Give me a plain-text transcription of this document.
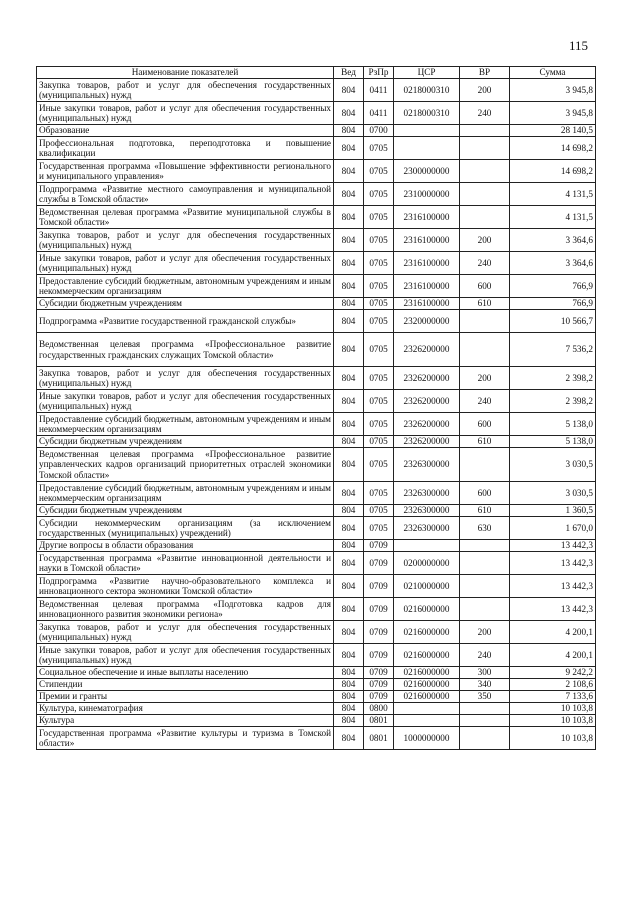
115
Наименование показателей	Вед	РзПр	ЦСР	ВР	Сумма
Закупка товаров, работ и услуг для обеспечения государственных (муниципальных) нужд	804	0411	0218000310	200	3 945,8
Иные закупки товаров, работ и услуг для обеспечения государственных (муниципальных) нужд	804	0411	0218000310	240	3 945,8
Образование	804	0700			28 140,5
Профессиональная подготовка, переподготовка и повышение квалификации	804	0705			14 698,2
Государственная программа «Повышение эффективности регионального и муниципального управления»	804	0705	2300000000		14 698,2
Подпрограмма «Развитие местного самоуправления и муниципальной службы в Томской области»	804	0705	2310000000		4 131,5
Ведомственная целевая программа «Развитие муниципальной службы в Томской области»	804	0705	2316100000		4 131,5
Закупка товаров, работ и услуг для обеспечения государственных (муниципальных) нужд	804	0705	2316100000	200	3 364,6
Иные закупки товаров, работ и услуг для обеспечения государственных (муниципальных) нужд	804	0705	2316100000	240	3 364,6
Предоставление субсидий бюджетным, автономным учреждениям и иным некоммерческим организациям	804	0705	2316100000	600	766,9
Субсидии бюджетным учреждениям	804	0705	2316100000	610	766,9
Подпрограмма «Развитие государственной гражданской службы»	804	0705	2320000000		10 566,7
Ведомственная целевая программа «Профессиональное развитие государственных гражданских служащих Томской области»	804	0705	2326200000		7 536,2
Закупка товаров, работ и услуг для обеспечения государственных (муниципальных) нужд	804	0705	2326200000	200	2 398,2
Иные закупки товаров, работ и услуг для обеспечения государственных (муниципальных) нужд	804	0705	2326200000	240	2 398,2
Предоставление субсидий бюджетным, автономным учреждениям и иным некоммерческим организациям	804	0705	2326200000	600	5 138,0
Субсидии бюджетным учреждениям	804	0705	2326200000	610	5 138,0
Ведомственная целевая программа «Профессиональное развитие управленческих кадров организаций приоритетных отраслей экономики Томской области»	804	0705	2326300000		3 030,5
Предоставление субсидий бюджетным, автономным учреждениям и иным некоммерческим организациям	804	0705	2326300000	600	3 030,5
Субсидии бюджетным учреждениям	804	0705	2326300000	610	1 360,5
Субсидии некоммерческим организациям (за исключением государственных (муниципальных) учреждений)	804	0705	2326300000	630	1 670,0
Другие вопросы в области образования	804	0709			13 442,3
Государственная программа «Развитие инновационной деятельности и науки в Томской области»	804	0709	0200000000		13 442,3
Подпрограмма «Развитие научно-образовательного комплекса и инновационного сектора экономики Томской области»	804	0709	0210000000		13 442,3
Ведомственная целевая программа «Подготовка кадров для инновационного развития экономики региона»	804	0709	0216000000		13 442,3
Закупка товаров, работ и услуг для обеспечения государственных (муниципальных) нужд	804	0709	0216000000	200	4 200,1
Иные закупки товаров, работ и услуг для обеспечения государственных (муниципальных) нужд	804	0709	0216000000	240	4 200,1
Социальное обеспечение и иные выплаты населению	804	0709	0216000000	300	9 242,2
Стипендии	804	0709	0216000000	340	2 108,6
Премии и гранты	804	0709	0216000000	350	7 133,6
Культура, кинематография	804	0800			10 103,8
Культура	804	0801			10 103,8
Государственная программа «Развитие культуры и туризма в Томской области»	804	0801	1000000000		10 103,8
